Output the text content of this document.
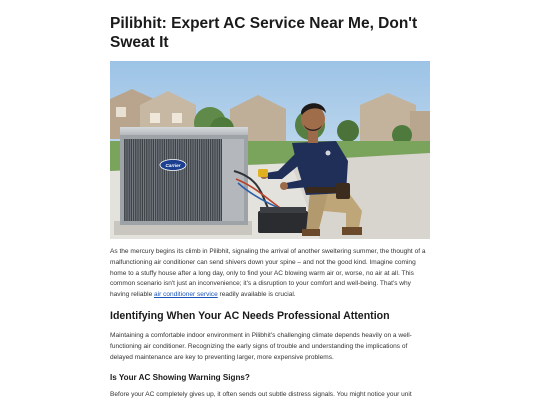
Pilibhit: Expert AC Service Near Me, Don't Sweat It
Carrier

As the mercury begins its climb in Pilibhit, signaling the arrival of another sweltering summer, the thought of a malfunctioning air conditioner can send shivers down your spine – and not the good kind. Imagine coming home to a stuffy house after a long day, only to find your AC blowing warm air or, worse, no air at all. This common scenario isn't just an inconvenience; it's a disruption to your comfort and well-being. That's why having reliable air conditioner service readily available is crucial.

Identifying When Your AC Needs Professional Attention

Maintaining a comfortable indoor environment in Pilibhit's challenging climate depends heavily on a well-functioning air conditioner. Recognizing the early signs of trouble and understanding the implications of delayed maintenance are key to preventing larger, more expensive problems.

Is Your AC Showing Warning Signs?

Before your AC completely gives up, it often sends out subtle distress signals. You might notice your unit
